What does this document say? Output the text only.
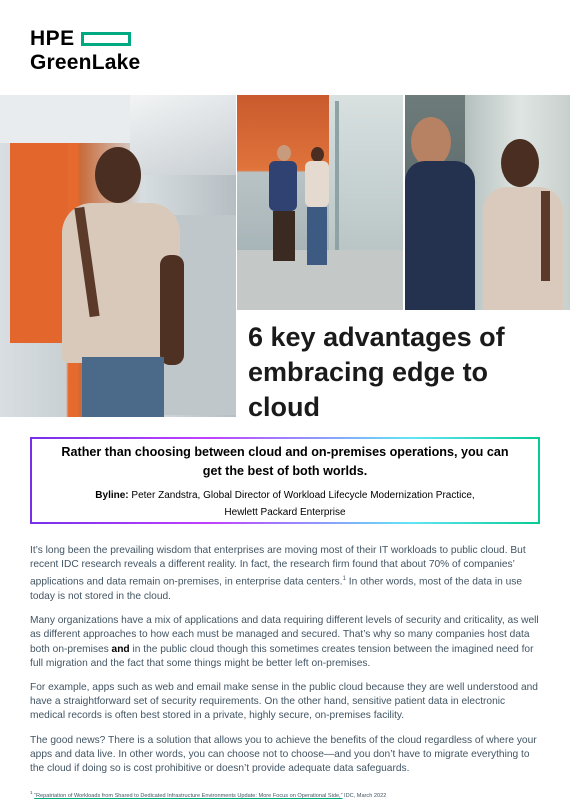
HPE
GreenLake
6 key advantages of
embracing edge to
cloud
Rather than choosing between cloud and on-premises operations, you can
get the best of both worlds.
Byline: Peter Zandstra, Global Director of Workload Lifecycle Modernization Practice,
Hewlett Packard Enterprise

It’s long been the prevailing wisdom that enterprises are moving most of their IT workloads to public cloud. But recent IDC research reveals a different reality. In fact, the research firm found that about 70% of companies’ applications and data remain on-premises, in enterprise data centers.$^1$ In other words, most of the data in use today is not stored in the cloud.

Many organizations have a mix of applications and data requiring different levels of security and criticality, as well as different approaches to how each must be managed and secured. That’s why so many companies host data both on-premises and in the public cloud though this sometimes creates tension between the imagined need for full migration and the fact that some things might be better left on-premises.

For example, apps such as web and email make sense in the public cloud because they are well understood and have a straightforward set of security requirements. On the other hand, sensitive patient data in electronic medical records is often best stored in a private, highly secure, on-premises facility.

The good news? There is a solution that allows you to achieve the benefits of the cloud regardless of where your apps and data live. In other words, you can choose not to choose—and you don’t have to migrate everything to the cloud if doing so is cost prohibitive or doesn’t provide adequate data safeguards.

$^1$ “Repatriation of Workloads from Shared to Dedicated Infrastructure Environments Update: More Focus on Operational Side,” IDC, March 2022
